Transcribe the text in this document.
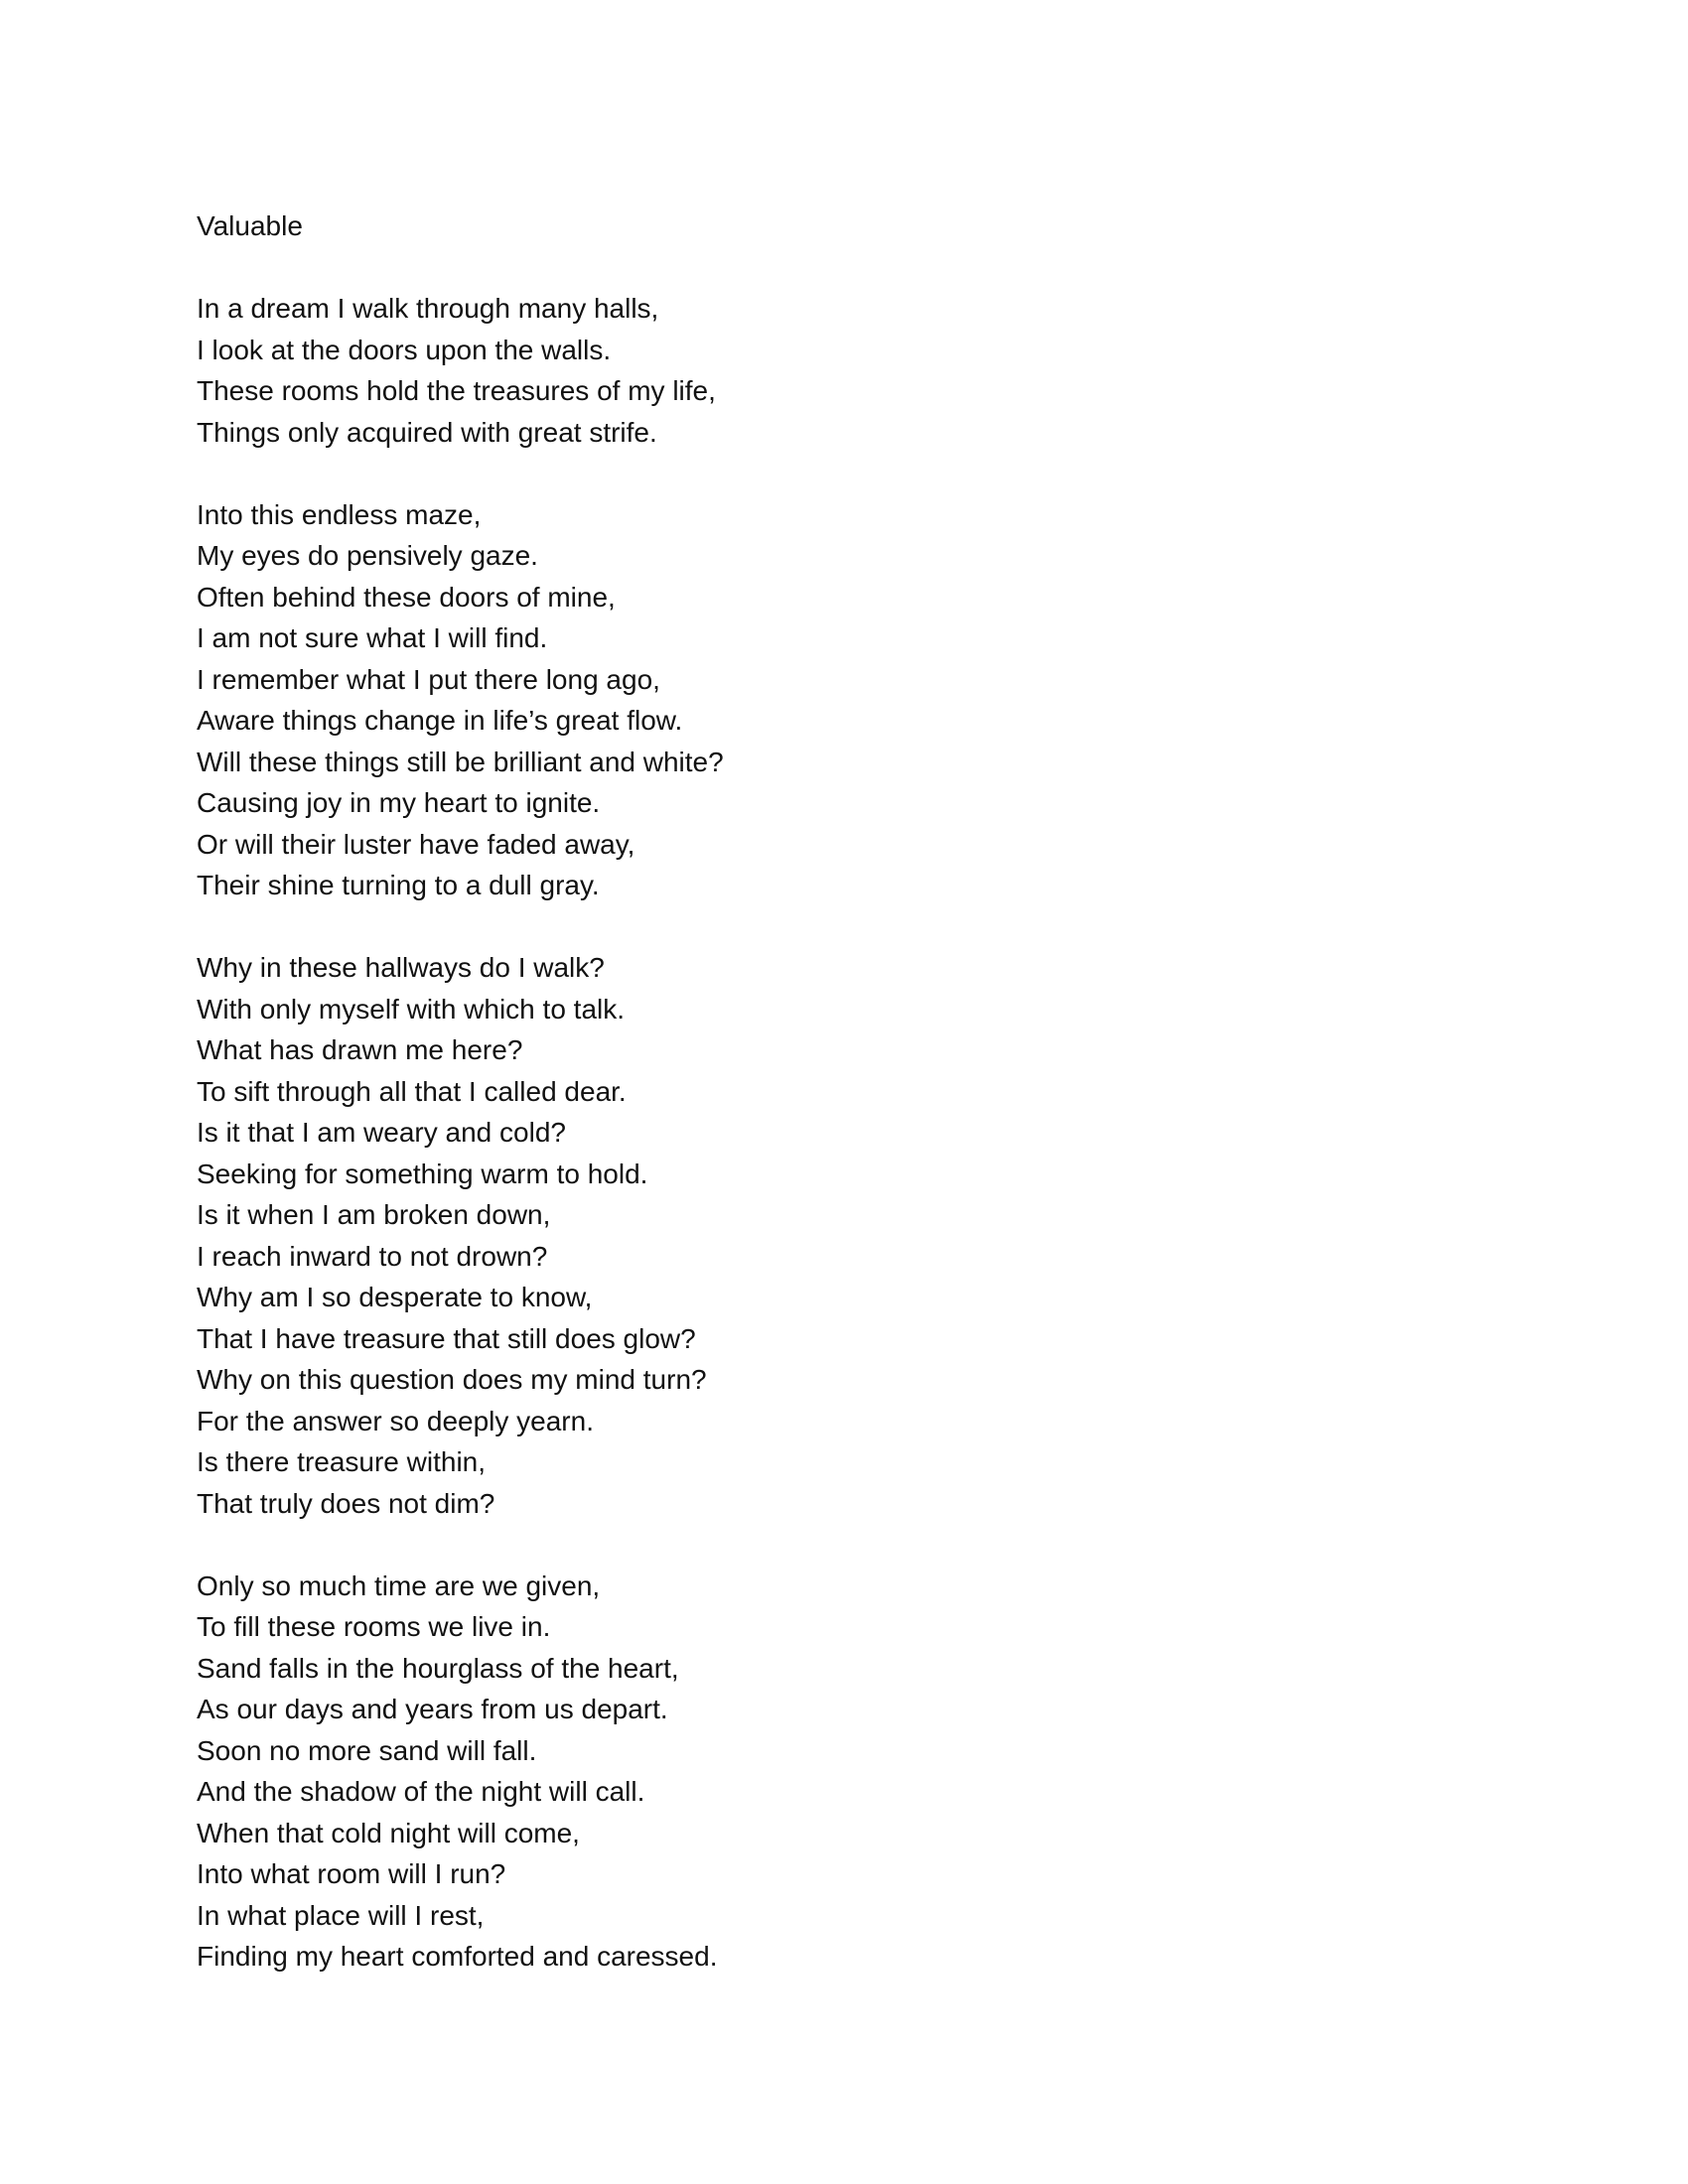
Valuable
In a dream I walk through many halls,
I look at the doors upon the walls.
These rooms hold the treasures of my life,
Things only acquired with great strife.
Into this endless maze,
My eyes do pensively gaze.
Often behind these doors of mine,
I am not sure what I will find.
I remember what I put there long ago,
Aware things change in life’s great flow.
Will these things still be brilliant and white?
Causing joy in my heart to ignite.
Or will their luster have faded away,
Their shine turning to a dull gray.
Why in these hallways do I walk?
With only myself with which to talk.
What has drawn me here?
To sift through all that I called dear.
Is it that I am weary and cold?
Seeking for something warm to hold.
Is it when I am broken down,
I reach inward to not drown?
Why am I so desperate to know,
That I have treasure that still does glow?
Why on this question does my mind turn?
For the answer so deeply yearn.
Is there treasure within,
That truly does not dim?
Only so much time are we given,
To fill these rooms we live in.
Sand falls in the hourglass of the heart,
As our days and years from us depart.
Soon no more sand will fall.
And the shadow of the night will call.
When that cold night will come,
Into what room will I run?
In what place will I rest,
Finding my heart comforted and caressed.
